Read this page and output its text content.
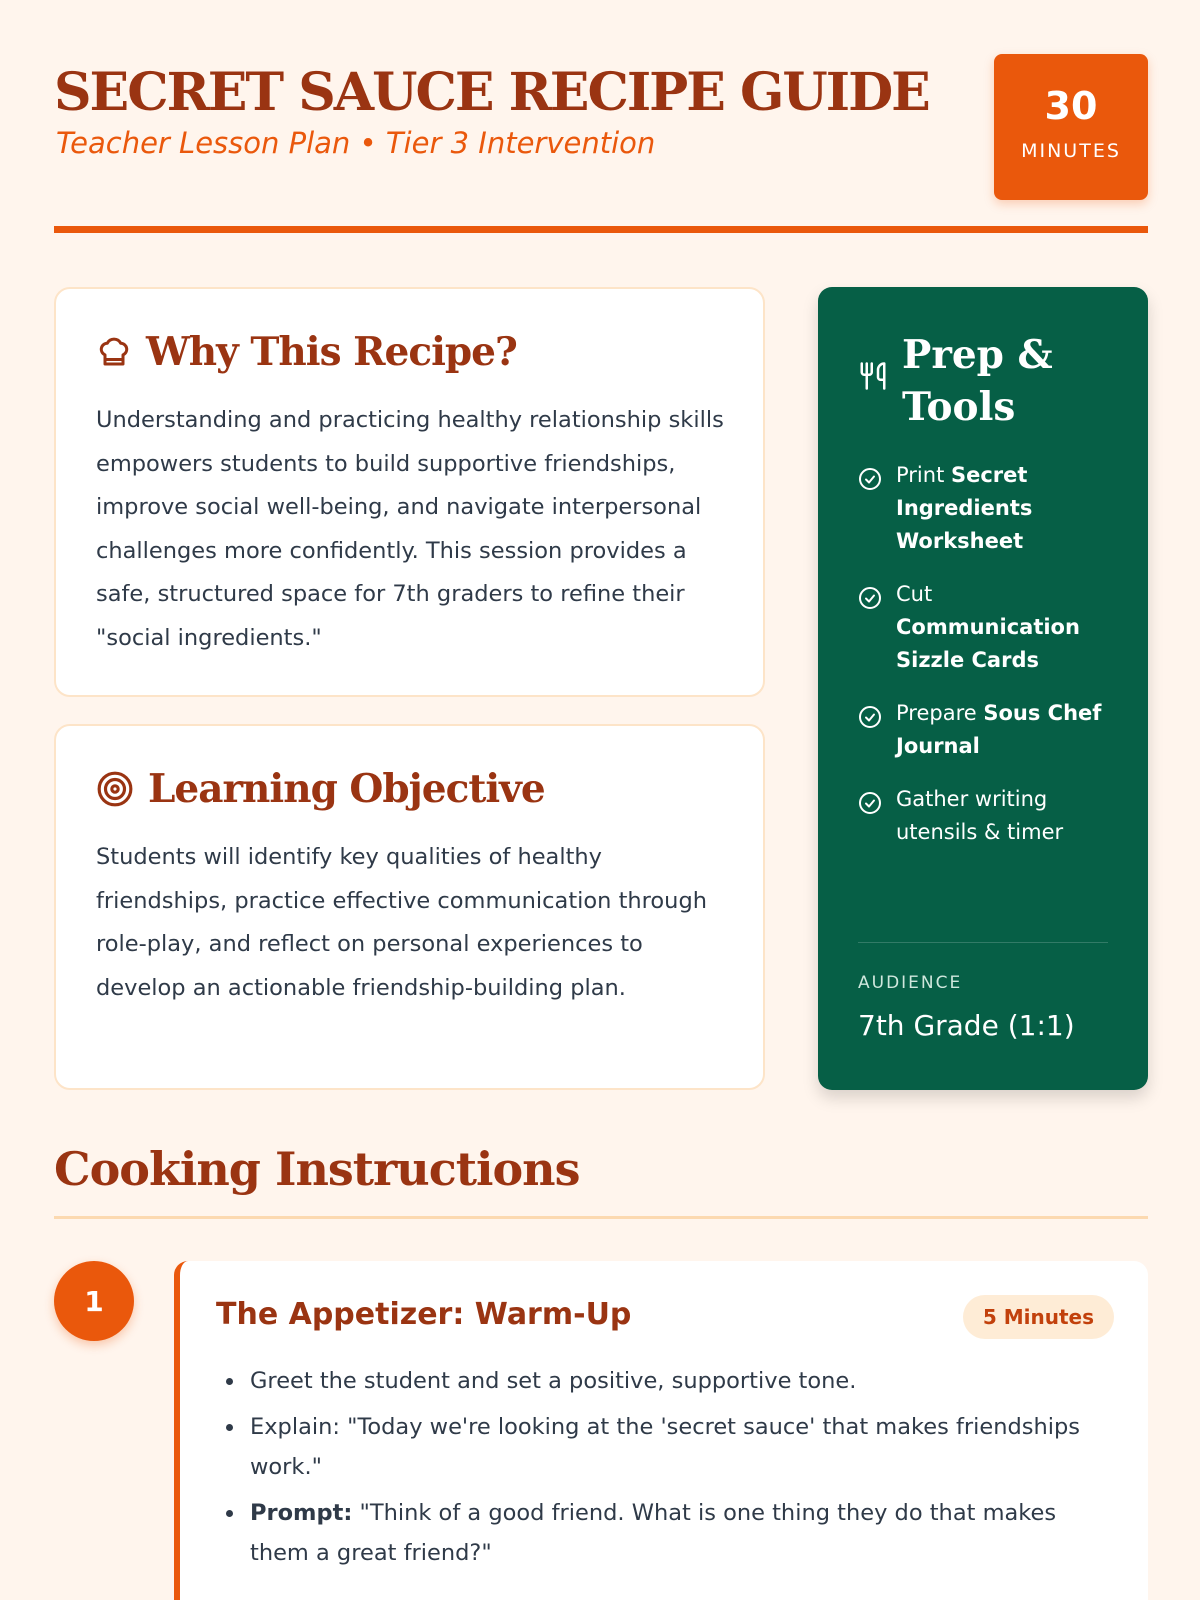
SECRET SAUCE RECIPE GUIDE
Teacher Lesson Plan • Tier 3 Intervention
30
MINUTES
Why This Recipe?

Understanding and practicing healthy relationship skills empowers students to build supportive friendships, improve social well-being, and navigate interpersonal challenges more confidently. This session provides a safe, structured space for 7th graders to refine their "social ingredients."

Learning Objective

Students will identify key qualities of healthy friendships, practice effective communication through role-play, and reflect on personal experiences to develop an actionable friendship-building plan.

Prep & Tools
Print Secret Ingredients Worksheet
Cut Communication Sizzle Cards
Prepare Sous Chef Journal
Gather writing utensils & timer
AUDIENCE
7th Grade (1:1)
Cooking Instructions
1	The Appetizer: Warm-Up	5 Minutes
• Greet the student and set a positive, supportive tone.
• Explain: "Today we're looking at the 'secret sauce' that makes friendships work."
• Prompt: "Think of a good friend. What is one thing they do that makes them a great friend?"
